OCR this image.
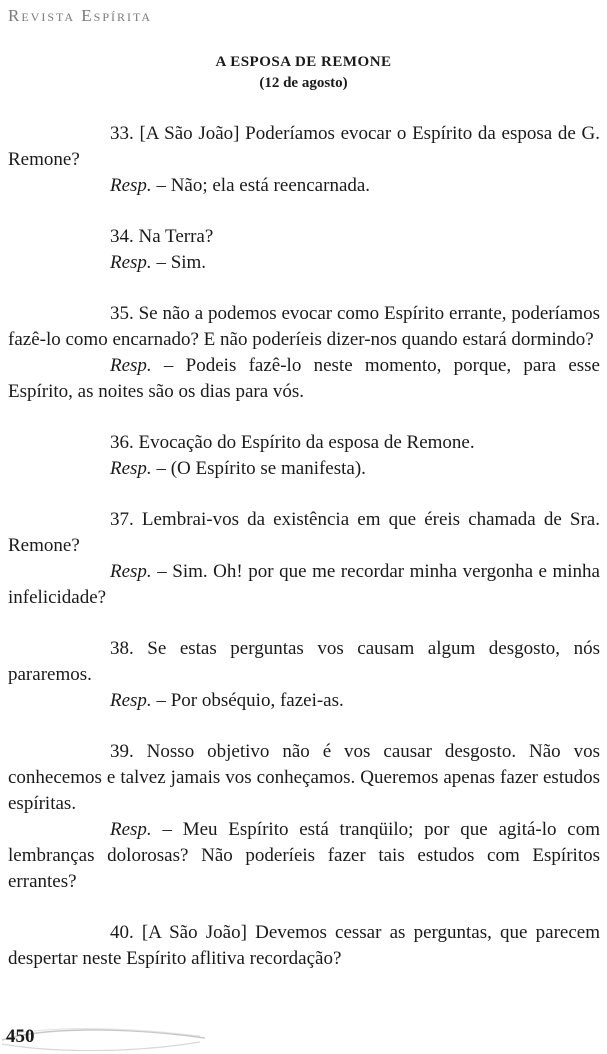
Revista Espírita
A ESPOSA DE REMONE
(12 de agosto)

33. [A São João] Poderíamos evocar o Espírito da esposa de G. Remone?

Resp. – Não; ela está reencarnada.

34. Na Terra?

Resp. – Sim.

35. Se não a podemos evocar como Espírito errante, poderíamos fazê-lo como encarnado? E não poderíeis dizer-nos quando estará dormindo?

Resp. – Podeis fazê-lo neste momento, porque, para esse Espírito, as noites são os dias para vós.

36. Evocação do Espírito da esposa de Remone.

Resp. – (O Espírito se manifesta).

37. Lembrai-vos da existência em que éreis chamada de Sra. Remone?

Resp. – Sim. Oh! por que me recordar minha vergonha e minha infelicidade?

38. Se estas perguntas vos causam algum desgosto, nós pararemos.

Resp. – Por obséquio, fazei-as.

39. Nosso objetivo não é vos causar desgosto. Não vos conhecemos e talvez jamais vos conheçamos. Queremos apenas fazer estudos espíritas.

Resp. – Meu Espírito está tranqüilo; por que agitá-lo com lembranças dolorosas? Não poderíeis fazer tais estudos com Espíritos errantes?

40. [A São João] Devemos cessar as perguntas, que parecem despertar neste Espírito aflitiva recordação?

450
